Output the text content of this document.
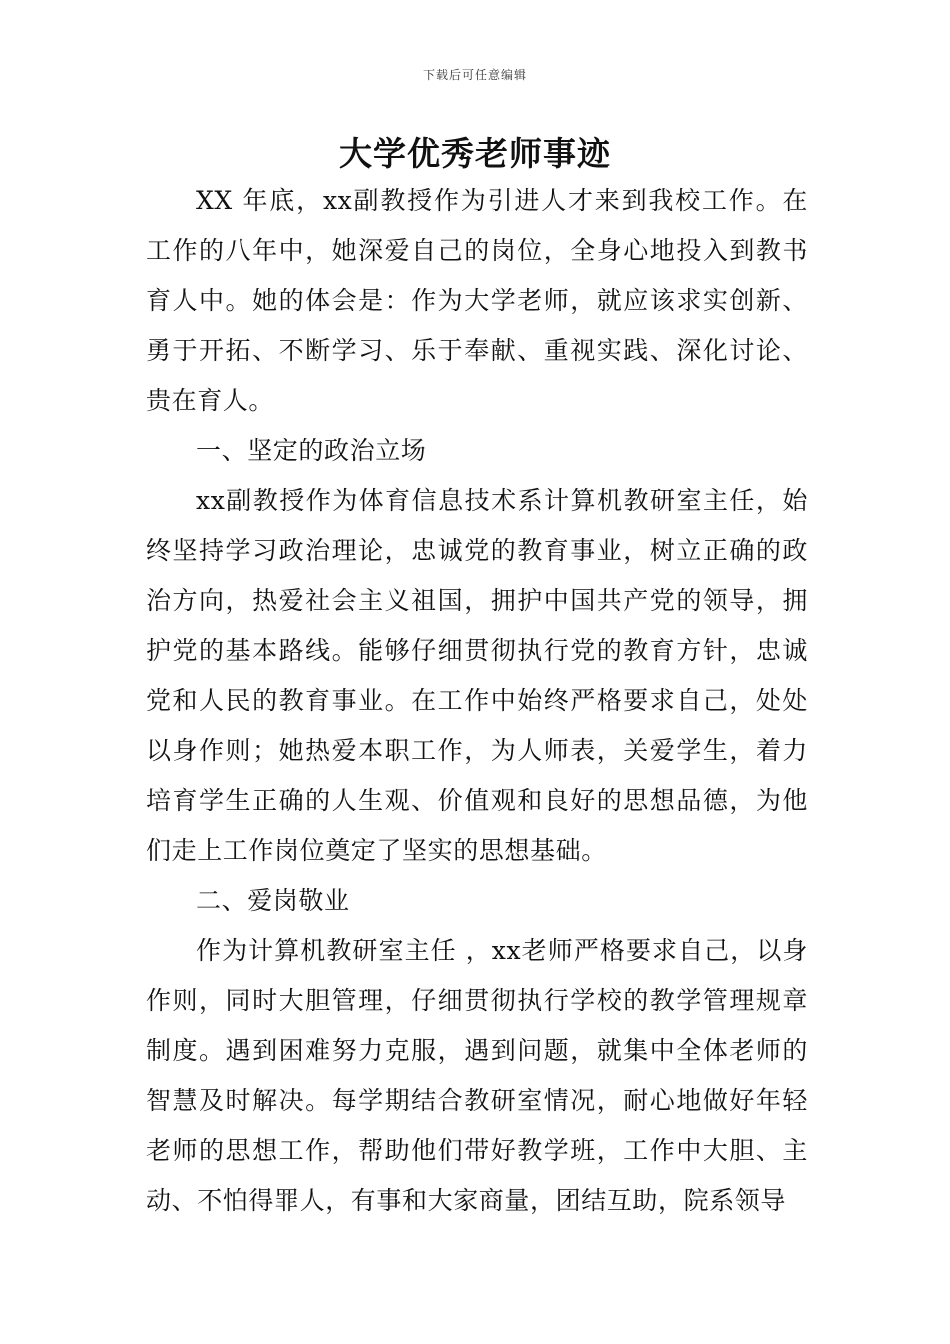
下载后可任意编辑
大学优秀老师事迹

XX 年底，xx副教授作为引进人才来到我校工作。在工作的八年中，她深爱自己的岗位，全身心地投入到教书育人中。她的体会是：作为大学老师，就应该求实创新、勇于开拓、不断学习、乐于奉献、重视实践、深化讨论、贵在育人。

一、坚定的政治立场

xx副教授作为体育信息技术系计算机教研室主任，始终坚持学习政治理论，忠诚党的教育事业，树立正确的政治方向，热爱社会主义祖国，拥护中国共产党的领导，拥护党的基本路线。能够仔细贯彻执行党的教育方针，忠诚党和人民的教育事业。在工作中始终严格要求自己，处处以身作则；她热爱本职工作，为人师表，关爱学生，着力培育学生正确的人生观、价值观和良好的思想品德，为他们走上工作岗位奠定了坚实的思想基础。

二、爱岗敬业

作为计算机教研室主任 ，xx老师严格要求自己，以身作则，同时大胆管理，仔细贯彻执行学校的教学管理规章制度。遇到困难努力克服，遇到问题，就集中全体老师的智慧及时解决。每学期结合教研室情况，耐心地做好年轻老师的思想工作，帮助他们带好教学班，工作中大胆、主动、不怕得罪人，有事和大家商量，团结互助，院系领导
